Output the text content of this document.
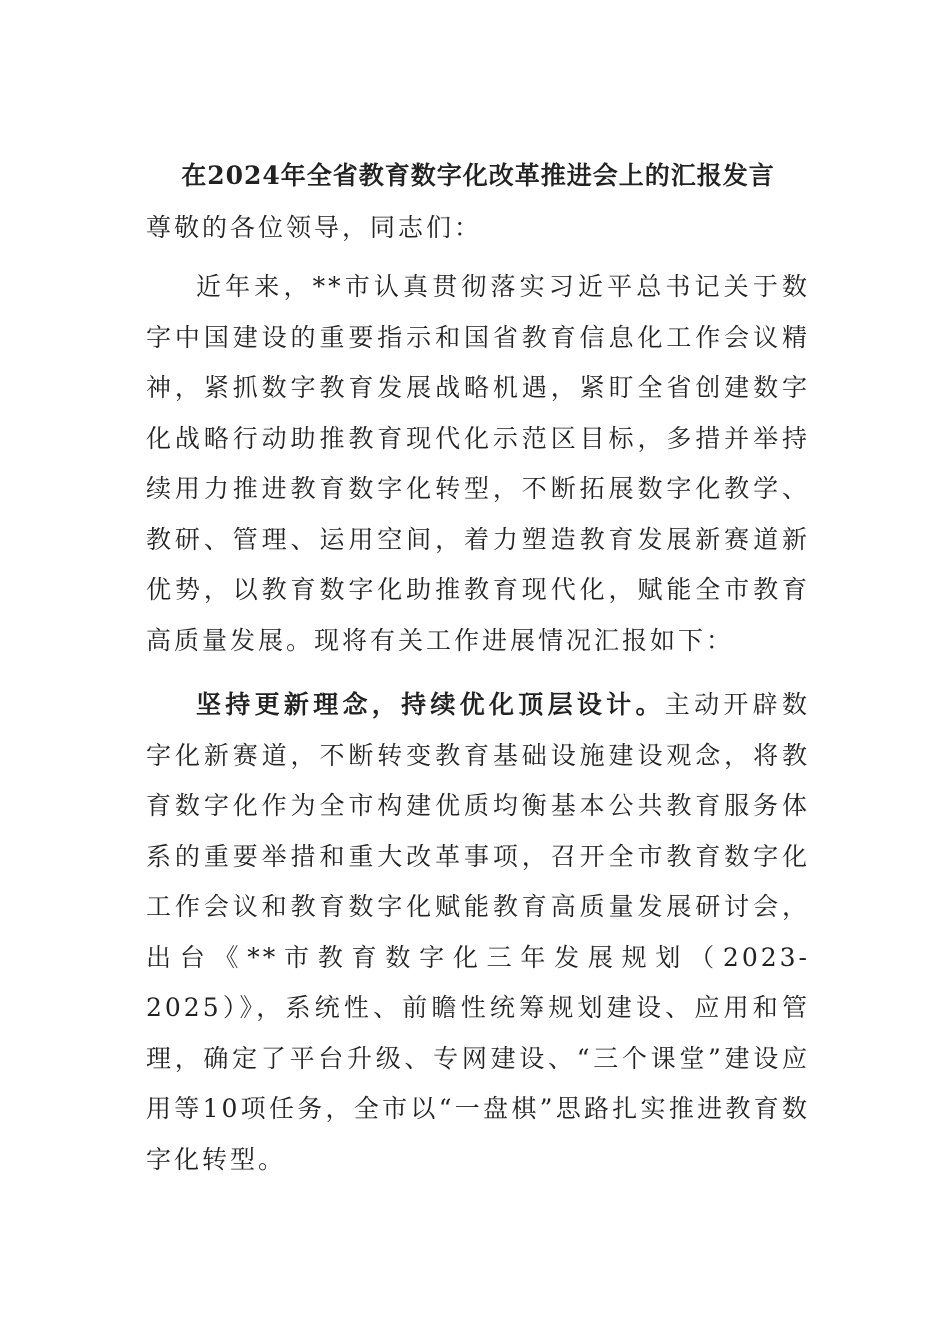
在2024年全省教育数字化改革推进会上的汇报发言

尊敬的各位领导，同志们：

近年来，**市认真贯彻落实习近平总书记关于数字中国建设的重要指示和国省教育信息化工作会议精神，紧抓数字教育发展战略机遇，紧盯全省创建数字化战略行动助推教育现代化示范区目标，多措并举持续用力推进教育数字化转型，不断拓展数字化教学、教研、管理、运用空间，着力塑造教育发展新赛道新优势，以教育数字化助推教育现代化，赋能全市教育高质量发展。现将有关工作进展情况汇报如下：

坚持更新理念，持续优化顶层设计。主动开辟数字化新赛道，不断转变教育基础设施建设观念，将教育数字化作为全市构建优质均衡基本公共教育服务体系的重要举措和重大改革事项，召开全市教育数字化工作会议和教育数字化赋能教育高质量发展研讨会，出台《**市教育数字化三年发展规划（2023-2025）》，系统性、前瞻性统筹规划建设、应用和管理，确定了平台升级、专网建设、“三个课堂”建设应用等10项任务，全市以“一盘棋”思路扎实推进教育数字化转型。
